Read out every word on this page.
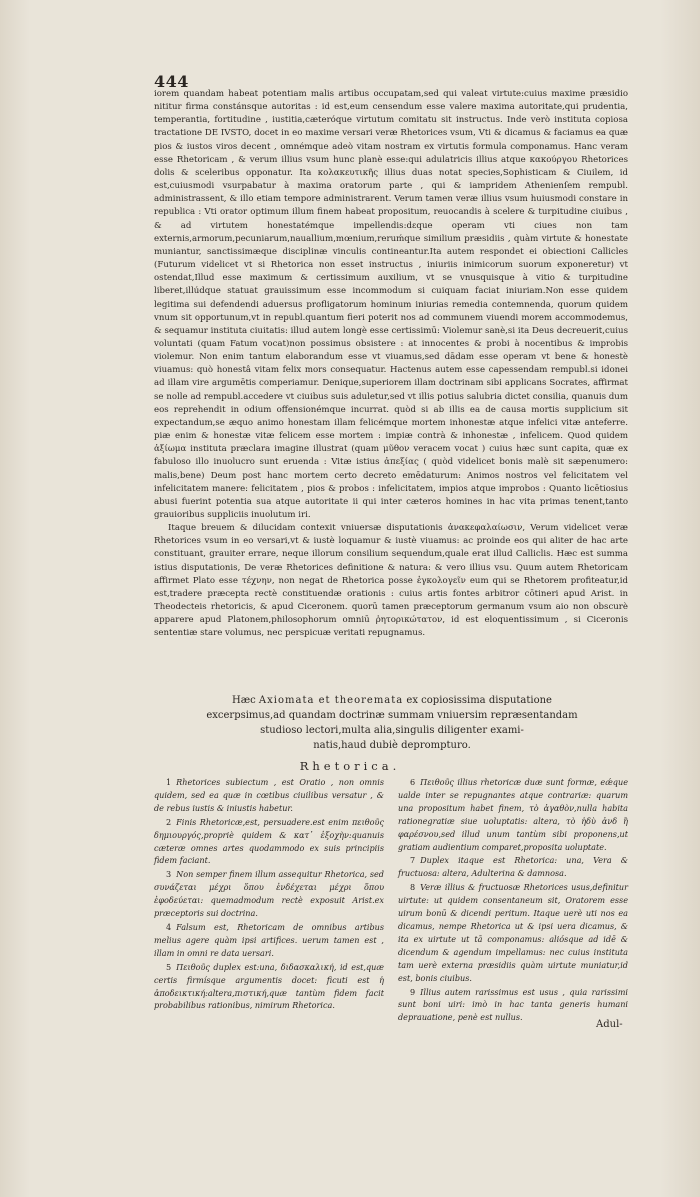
444

iorem quandam habeat potentiam malis artibus occupatam,sed qui valeat virtute:cuius maxime præsidio nititur firma constánsque autoritas : id est,eum censendum esse valere maxima autoritate,qui prudentia, temperantia, fortitudine , iustitia,cæteróque virtutum comitatu sit instructus. Inde verò instituta copiosa tractatione DE IVSTO, docet in eo maxime versari veræ Rhetorices vsum, Vti & dicamus & faciamus ea quæ pios & iustos viros decent , omnémque adeò vitam nostram ex virtutis formula componamus. Hanc veram esse Rhetoricam , & verum illius vsum hunc planè esse:qui adulatricis illius atque κακούργου Rhetorices dolis & sceleribus opponatur. Ita κολακευτικῆς illius duas notat species,Sophisticam & Ciuilem, id est,cuiusmodi vsurpabatur à maxima oratorum parte , qui & iampridem Athenienſem rempubl. administrassent, & illo etiam tempore administrarent. Verum tamen veræ illius vsum huiusmodi constare in republica : Vti orator optimum illum finem habeat propositum, reuocandis à scelere & turpitudine ciuibus , & ad virtutem honestatémque impellendis:dεque operam vti ciues non tam externis,armorum,pecuniarum,nauallium,mœnium,reruḿque similium præsidiis , quàm virtute & honestate muniantur, sanctissimæque disciplinæ vinculis contineantur.Ita autem respondet ei obiectioni Callicles (Futurum videlicet vt si Rhetorica non esset instructus , iniuriis inimicorum suorum exponeretur) vt ostendat,Illud esse maximum & certissimum auxilium, vt se vnusquisque à vitio & turpitudine liberet,illúdque statuat grauissimum esse incommodum si cuiquam faciat iniuriam.Non esse quidem legitima sui defendendi aduersus profligatorum hominum iniurias remedia contemnenda, quorum quidem vnum sit opportunum,vt in republ.quantum fieri poterit nos ad communem viuendi morem accommodemus, & sequamur instituta ciuitatis: illud autem longè esse certissimū: Violemur sanè,si ita Deus decreuerit,cuius voluntati (quam Fatum vocat)non possimus obsistere : at innocentes & probi à nocentibus & improbis violemur. Non enim tantum elaborandum esse vt viuamus,sed dādam esse operam vt bene & honestè viuamus: quò honestâ vitam felix mors consequatur. Hactenus autem esse capessendam rempubl.si idonei ad illam vire argumētis comperiamur. Denique,superiorem illam doctrinam sibi applicans Socrates, affirmat se nolle ad rempubl.accedere vt ciuibus suis aduletur,sed vt illis potius salubria dictet consilia, quanuis dum eos reprehendit in odium offensionémque incurrat. quòd si ab illis ea de causa mortis supplicium sit expectandum,se æquo animo honestam illam felicémque mortem inhonestæ atque infelici vitæ anteferre. piæ enim & honestæ vitæ felicem esse mortem : impiæ contrà & inhonestæ , infelicem. Quod quidem ἀξίωμα instituta præclara imagine illustrat (quam μῦθον veracem vocat ) cuius hæc sunt capita, quæ ex fabuloso illo inuolucro sunt eruenda : Vitæ istius ἀπεξίας ( quòd videlicet bonis malè sit sæpenumero: malis,bene) Deum post hanc mortem certo decreto emēdaturum: Animos nostros vel felicitatem vel infelicitatem manere: felicitatem , pios & probos : infelicitatem, impios atque improbos : Quanto licētiosius abusi fuerint potentia sua atque autoritate ii qui inter cæteros homines in hac vita primas tenent,tanto grauioribus suppliciis inuolutum iri.

Itaque breuem & dilucidam contexit vniuersæ disputationis ἀνακεφαλαίωσιν, Verum videlicet veræ Rhetorices vsum in eo versari,vt & iustè loquamur & iustè viuamus: ac proinde eos qui aliter de hac arte constituant, grauiter errare, neque illorum consilium sequendum,quale erat illud Calliclis. Hæc est summa istius disputationis, De veræ Rhetorices definitione & natura: & vero illius vsu. Quum autem Rhetoricam affirmet Plato esse τέχνην, non negat de Rhetorica posse ἐγκολογεῖν eum qui se Rhetorem profiteatur,id est,tradere præcepta rectè constituendæ orationis : cuius artis fontes arbitror cōtineri apud Arist. in Theodecteis rhetoricis, & apud Ciceronem. quorū tamen præceptorum germanum vsum aio non obscurè apparere apud Platonem,philosophorum omniū ῥητορικώτατον, id est eloquentissimum , si Ciceronis sententiæ stare volumus, nec perspicuæ veritati repugnamus.

Hæc Axiomata et theoremata ex copiosissima disputatione
excerpsimus,ad quandam doctrinæ summam vniuersim repræsentandam
studioso lectori,multa alia,singulis diligenter exami-
natis,haud dubiè deprompturo.
Rhetorica.

1 Rhetorices subiectum , est Oratio , non omnis quidem, sed ea quæ in cœtibus ciuilibus versatur , & de rebus iustis & iniustis habetur.

2 Finis Rhetoricæ,est, persuadere.est enim πειθοῦς δημιουργός,propriè quidem & κατ᾽ ἐξοχὴν:quanuis cæteræ omnes artes quodammodo ex suis principiis fidem faciant.

3 Non semper finem illum assequitur Rhetorica, sed συνάζεται μέχρι ὅπου ἐνδέχεται μέχρι ὅπου ἐφοδεύεται: quemadmodum rectè exposuit Arist.ex præceptoris sui doctrina.

4 Falsum est, Rhetoricam de omnibus artibus melius agere quàm ipsi artifices. uerum tamen est , illam in omni re data uersari.

5 Πειθοῦς duplex est:una, διδασκαλική, id est,quæ certis firmísque argumentis docet: ficuti est ἡ ἀποδεικτική:altera,πιστική,quæ tantùm fidem facit probabilibus rationibus, nimirum Rhetorica.

6 Πειθοῦς illius rhetoricæ duæ sunt formæ, eǽque ualde inter se repugnantes atque contrariæ: quarum una propositum habet finem, τὸ ἀγαθὸν,nulla habita rationegratiæ siue uoluptatis: altera, τὸ ἡδὺ ἀνδ ἢ φαρέσνου,sed illud unum tantùm sibi proponens,ut gratiam audientium comparet,proposita uoluptate.

7 Duplex itaque est Rhetorica: una, Vera & fructuosa: altera, Adulterina & damnosa.

8 Veræ illius & fructuosæ Rhetorices usus,definitur uirtute: ut quidem consentaneum sit, Oratorem esse uirum bonū & dicendi peritum. Itaque uerè uti nos ea dicamus, nempe Rhetorica ut & ipsi uera dicamus, & ita ex uirtute ut tā componamus: aliósque ad idē & dicendum & agendum impellamus: nec cuius instituta tam uerè externa præsidiis quàm uirtute muniatur,id est, bonis ciuibus.

9 Illius autem rarissimus est usus , quia rarissimi sunt boni uiri: imò in hac tanta generis humani deprauatione, penè est nullus.

Adul-
